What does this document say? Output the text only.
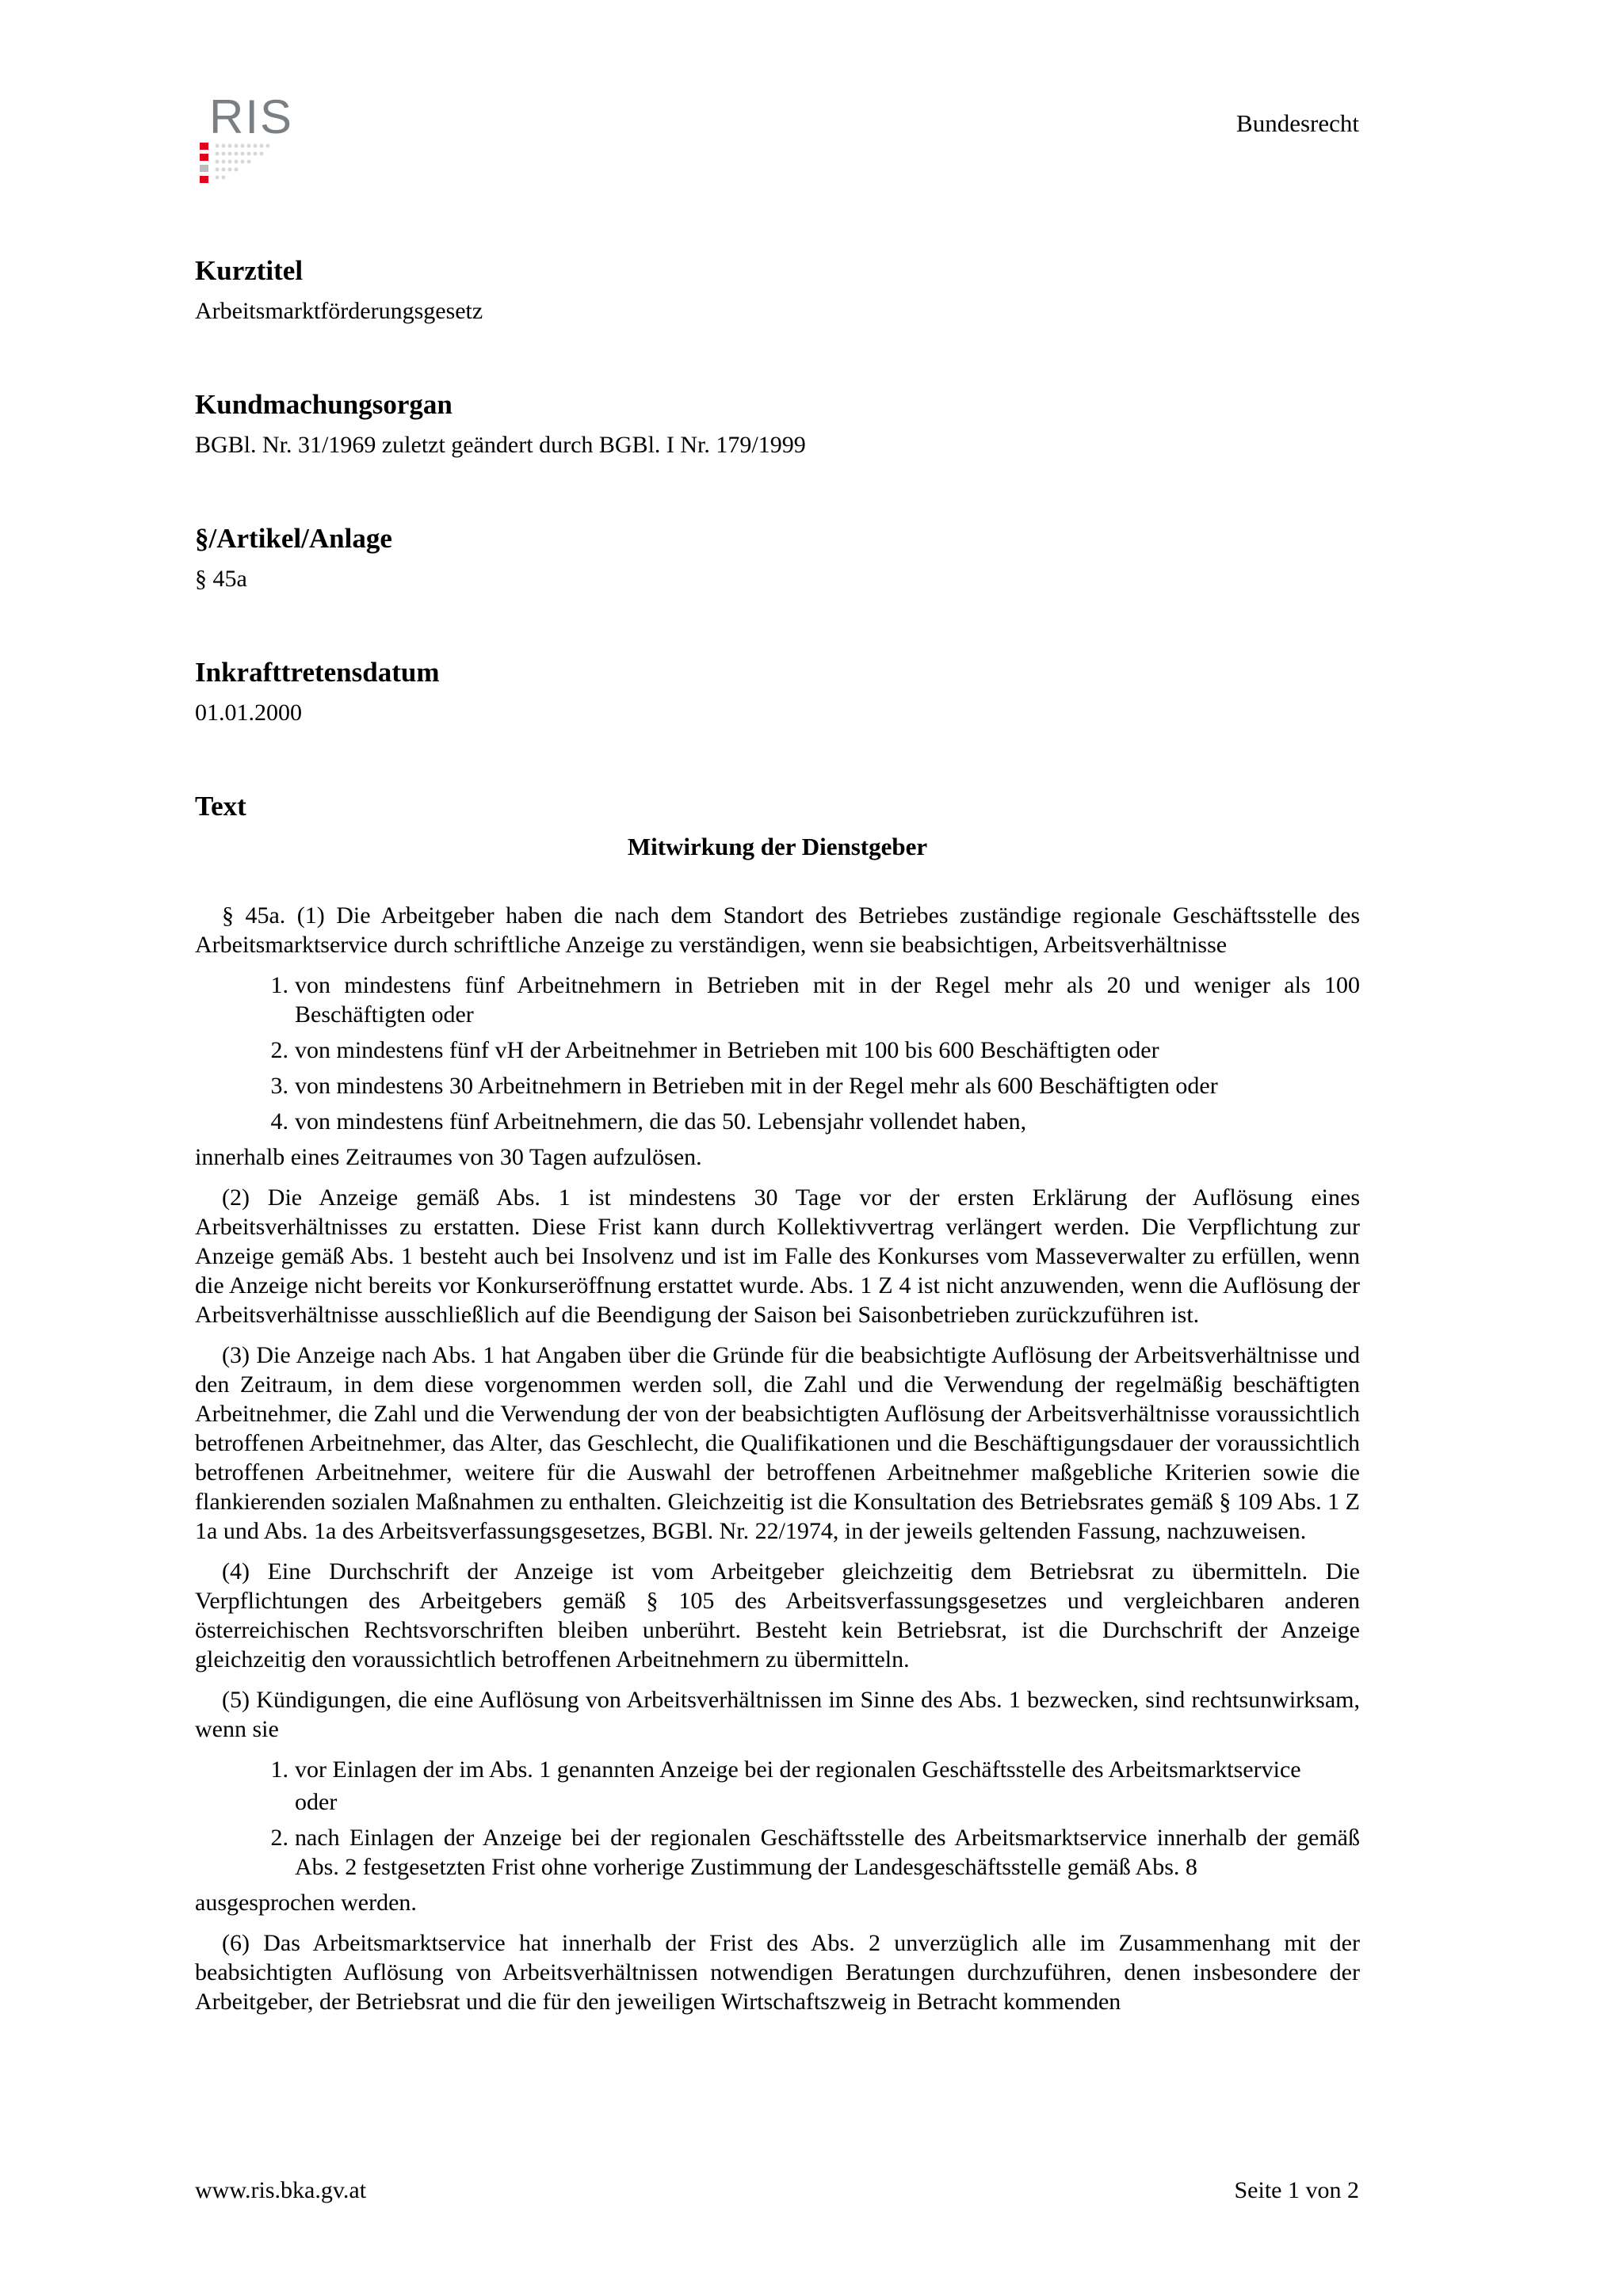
RIS	Bundesrecht
Kurztitel
Arbeitsmarktförderungsgesetz
Kundmachungsorgan
BGBl. Nr. 31/1969 zuletzt geändert durch BGBl. I Nr. 179/1999
§/Artikel/Anlage
§ 45a
Inkrafttretensdatum
01.01.2000
Text
Mitwirkung der Dienstgeber

§ 45a. (1) Die Arbeitgeber haben die nach dem Standort des Betriebes zuständige regionale Geschäftsstelle des Arbeitsmarktservice durch schriftliche Anzeige zu verständigen, wenn sie beabsichtigen, Arbeitsverhältnisse

1. von mindestens fünf Arbeitnehmern in Betrieben mit in der Regel mehr als 20 und weniger als 100 Beschäftigten oder
2. von mindestens fünf vH der Arbeitnehmer in Betrieben mit 100 bis 600 Beschäftigten oder
3. von mindestens 30 Arbeitnehmern in Betrieben mit in der Regel mehr als 600 Beschäftigten oder
4. von mindestens fünf Arbeitnehmern, die das 50. Lebensjahr vollendet haben,

innerhalb eines Zeitraumes von 30 Tagen aufzulösen.

(2) Die Anzeige gemäß Abs. 1 ist mindestens 30 Tage vor der ersten Erklärung der Auflösung eines Arbeitsverhältnisses zu erstatten. Diese Frist kann durch Kollektivvertrag verlängert werden. Die Verpflichtung zur Anzeige gemäß Abs. 1 besteht auch bei Insolvenz und ist im Falle des Konkurses vom Masseverwalter zu erfüllen, wenn die Anzeige nicht bereits vor Konkurseröffnung erstattet wurde. Abs. 1 Z 4 ist nicht anzuwenden, wenn die Auflösung der Arbeitsverhältnisse ausschließlich auf die Beendigung der Saison bei Saisonbetrieben zurückzuführen ist.

(3) Die Anzeige nach Abs. 1 hat Angaben über die Gründe für die beabsichtigte Auflösung der Arbeitsverhältnisse und den Zeitraum, in dem diese vorgenommen werden soll, die Zahl und die Verwendung der regelmäßig beschäftigten Arbeitnehmer, die Zahl und die Verwendung der von der beabsichtigten Auflösung der Arbeitsverhältnisse voraussichtlich betroffenen Arbeitnehmer, das Alter, das Geschlecht, die Qualifikationen und die Beschäftigungsdauer der voraussichtlich betroffenen Arbeitnehmer, weitere für die Auswahl der betroffenen Arbeitnehmer maßgebliche Kriterien sowie die flankierenden sozialen Maßnahmen zu enthalten. Gleichzeitig ist die Konsultation des Betriebsrates gemäß § 109 Abs. 1 Z 1a und Abs. 1a des Arbeitsverfassungsgesetzes, BGBl. Nr. 22/1974, in der jeweils geltenden Fassung, nachzuweisen.

(4) Eine Durchschrift der Anzeige ist vom Arbeitgeber gleichzeitig dem Betriebsrat zu übermitteln. Die Verpflichtungen des Arbeitgebers gemäß § 105 des Arbeitsverfassungsgesetzes und vergleichbaren anderen österreichischen Rechtsvorschriften bleiben unberührt. Besteht kein Betriebsrat, ist die Durchschrift der Anzeige gleichzeitig den voraussichtlich betroffenen Arbeitnehmern zu übermitteln.

(5) Kündigungen, die eine Auflösung von Arbeitsverhältnissen im Sinne des Abs. 1 bezwecken, sind rechtsunwirksam, wenn sie

1. vor Einlagen der im Abs. 1 genannten Anzeige bei der regionalen Geschäftsstelle des Arbeitsmarktservice
oder
2. nach Einlagen der Anzeige bei der regionalen Geschäftsstelle des Arbeitsmarktservice innerhalb der gemäß Abs. 2 festgesetzten Frist ohne vorherige Zustimmung der Landesgeschäftsstelle gemäß Abs. 8

ausgesprochen werden.

(6) Das Arbeitsmarktservice hat innerhalb der Frist des Abs. 2 unverzüglich alle im Zusammenhang mit der beabsichtigten Auflösung von Arbeitsverhältnissen notwendigen Beratungen durchzuführen, denen insbesondere der Arbeitgeber, der Betriebsrat und die für den jeweiligen Wirtschaftszweig in Betracht kommenden

www.ris.bka.gv.at	Seite 1 von 2
